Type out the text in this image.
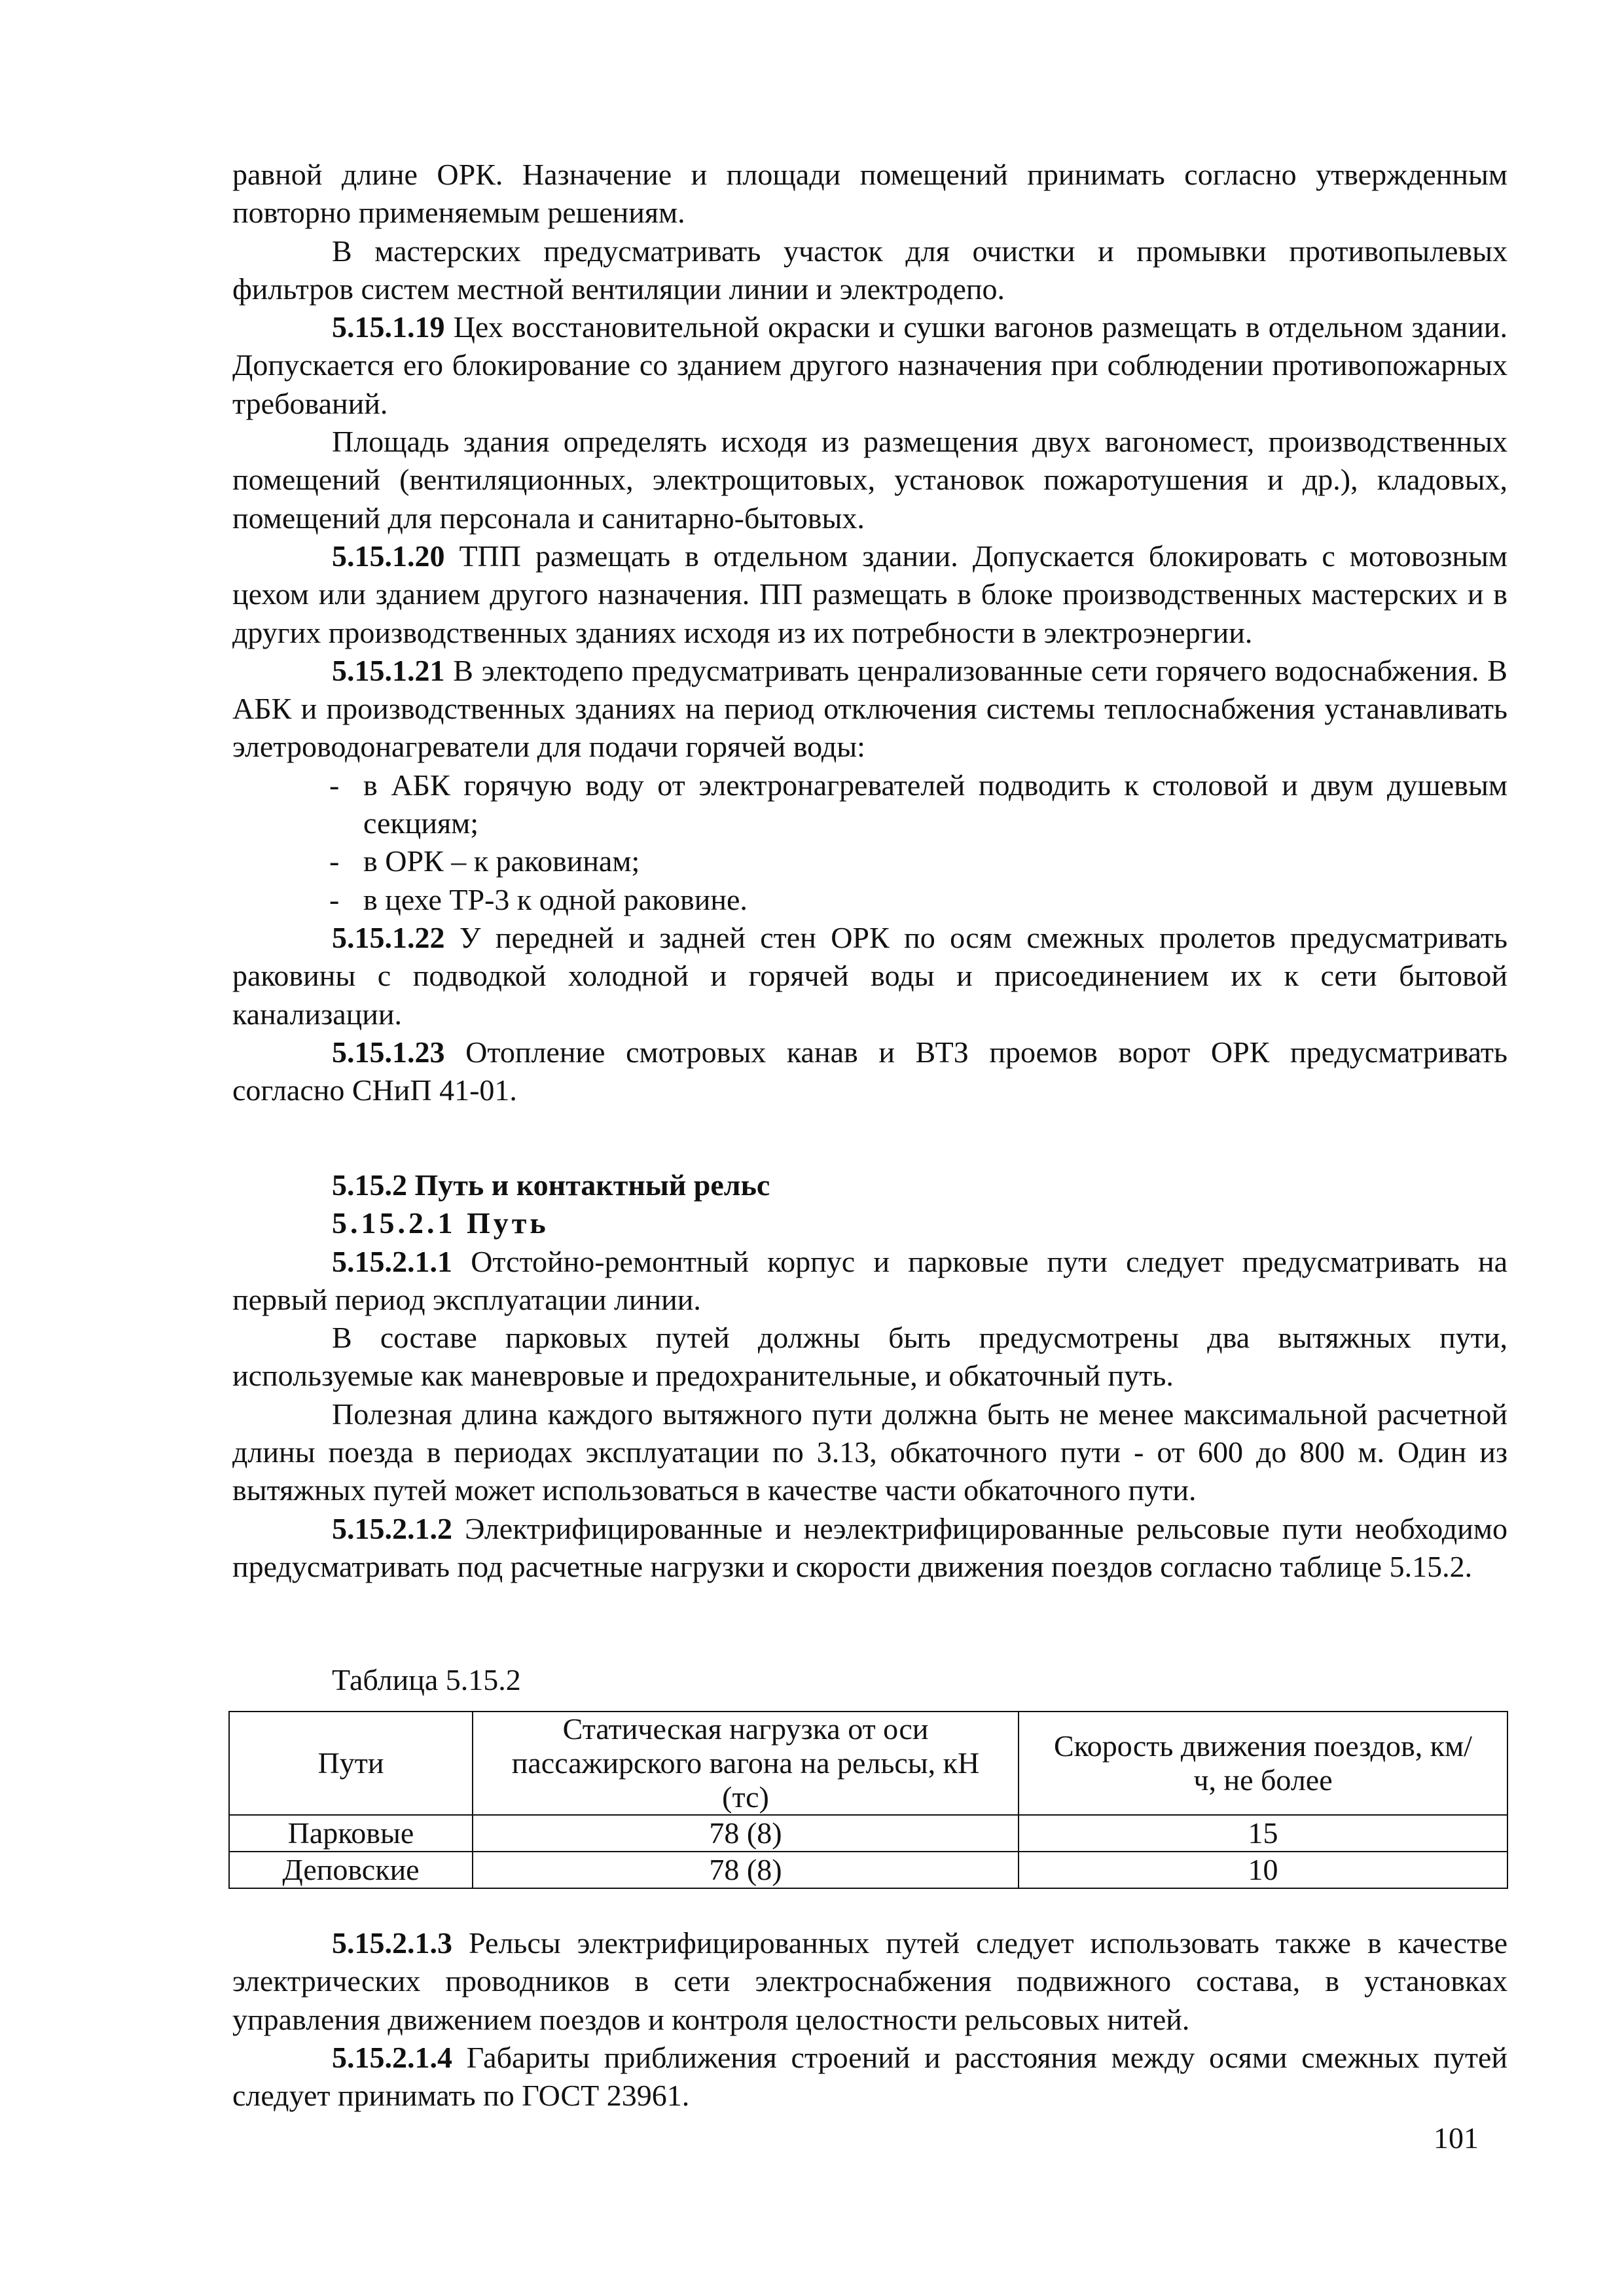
равной длине ОРК. Назначение и площади помещений принимать согласно утвержденным повторно применяемым решениям.

В мастерских предусматривать участок для очистки и промывки противопылевых фильтров систем местной вентиляции линии и электродепо.

5.15.1.19 Цех восстановительной окраски и сушки вагонов размещать в отдельном здании. Допускается его блокирование со зданием другого назначения при соблюдении противопожарных требований.

Площадь здания определять исходя из размещения двух вагономест, производственных помещений (вентиляционных, электрощитовых, установок пожаротушения и др.), кладовых, помещений для персонала и санитарно-бытовых.

5.15.1.20 ТПП размещать в отдельном здании. Допускается блокировать с мотовозным цехом или зданием другого назначения. ПП размещать в блоке производственных мастерских и в других производственных зданиях исходя из их потребности в электроэнергии.

5.15.1.21 В электодепо предусматривать ценрализованные сети горячего водоснабжения. В АБК и производственных зданиях на период отключения системы теплоснабжения устанавливать элетроводонагреватели для подачи горячей воды:

- в АБК горячую воду от электронагревателей подводить к столовой и двум душевым секциям;

- в ОРК – к раковинам;

- в цехе ТР-3 к одной раковине.

5.15.1.22 У передней и задней стен ОРК по осям смежных пролетов предусматривать раковины с подводкой холодной и горячей воды и присоединением их к сети бытовой канализации.

5.15.1.23 Отопление смотровых канав и ВТЗ проемов ворот ОРК предусматривать согласно СНиП 41-01.

5.15.2 Путь и контактный рельс

5.15.2.1 Путь

5.15.2.1.1 Отстойно-ремонтный корпус и парковые пути следует предусматривать на первый период эксплуатации линии.

В составе парковых путей должны быть предусмотрены два вытяжных пути, используемые как маневровые и предохранительные, и обкаточный путь.

Полезная длина каждого вытяжного пути должна быть не менее максимальной расчетной длины поезда в периодах эксплуатации по 3.13, обкаточного пути - от 600 до 800 м. Один из вытяжных путей может использоваться в качестве части обкаточного пути.

5.15.2.1.2 Электрифицированные и неэлектрифицированные рельсовые пути необходимо предусматривать под расчетные нагрузки и скорости движения поездов согласно таблице 5.15.2.

Таблица 5.15.2
Пути	Статическая нагрузка от оси пассажирского вагона на рельсы, кН (тс)	Скорость движения поездов, км/ч, не более
Парковые	78 (8)	15
Деповские	78 (8)	10

5.15.2.1.3 Рельсы электрифицированных путей следует использовать также в качестве электрических проводников в сети электроснабжения подвижного состава, в установках управления движением поездов и контроля целостности рельсовых нитей.

5.15.2.1.4 Габариты приближения строений и расстояния между осями смежных путей следует принимать по ГОСТ 23961.

101
